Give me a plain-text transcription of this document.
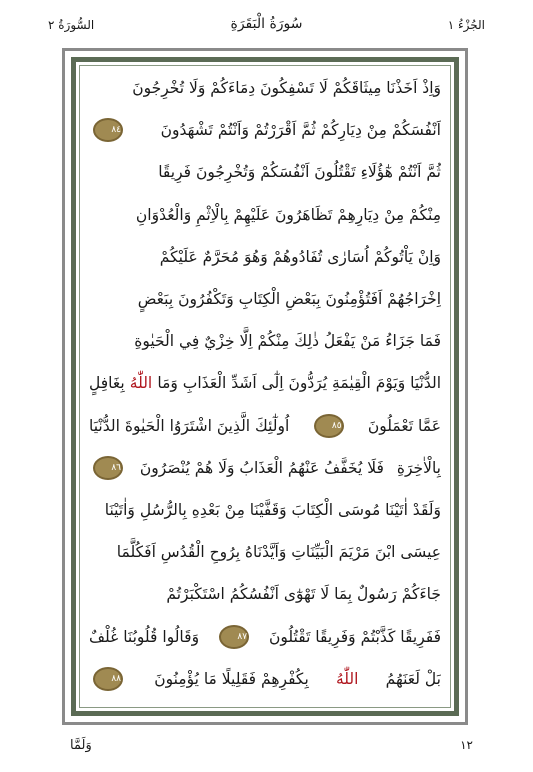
الجُزْءُ ١
سُورَةُ الْبَقَرَةِ
السُّورَةُ ٢
وَاِذْ اَخَذْنَا مِيثَاقَكُمْ لَا تَسْفِكُونَ دِمَاءَكُمْ وَلَا تُخْرِجُونَ
اَنْفُسَكُمْ مِنْ دِيَارِكُمْ ثُمَّ اَقْرَرْتُمْ وَاَنْتُمْ تَشْهَدُونَ
٨٤
ثُمَّ اَنْتُمْ هٰٓؤُلَاءِ تَقْتُلُونَ اَنْفُسَكُمْ وَتُخْرِجُونَ فَرِيقًا
مِنْكُمْ مِنْ دِيَارِهِمْ تَظَاهَرُونَ عَلَيْهِمْ بِالْاِثْمِ وَالْعُدْوَانِ
وَاِنْ يَاْتُوكُمْ اُسَارٰى تُفَادُوهُمْ وَهُوَ مُحَرَّمٌ عَلَيْكُمْ
اِخْرَاجُهُمْ اَفَتُؤْمِنُونَ بِبَعْضِ الْكِتَابِ وَتَكْفُرُونَ بِبَعْضٍ
فَمَا جَزَاءُ مَنْ يَفْعَلُ ذٰلِكَ مِنْكُمْ اِلَّا خِزْيٌ فِي الْحَيٰوةِ
الدُّنْيَا وَيَوْمَ الْقِيٰمَةِ يُرَدُّونَ اِلٰٓى اَشَدِّ الْعَذَابِ وَمَا
اللّٰهُ
بِغَافِلٍ
عَمَّا تَعْمَلُونَ
٨٥
اُولٰٓئِكَ الَّذِينَ اشْتَرَوُا الْحَيٰوةَ الدُّنْيَا
بِالْاٰخِرَةِ
فَلَا يُخَفَّفُ عَنْهُمُ الْعَذَابُ وَلَا هُمْ يُنْصَرُونَ
٨٦
وَلَقَدْ اٰتَيْنَا مُوسَى الْكِتَابَ وَقَفَّيْنَا مِنْ بَعْدِهِ بِالرُّسُلِ وَاٰتَيْنَا
عِيسَى ابْنَ مَرْيَمَ الْبَيِّنَاتِ وَاَيَّدْنَاهُ بِرُوحِ الْقُدُسِ اَفَكُلَّمَا
جَاءَكُمْ رَسُولٌ بِمَا لَا تَهْوٰٓى اَنْفُسُكُمُ اسْتَكْبَرْتُمْ
فَفَرِيقًا كَذَّبْتُمْ وَفَرِيقًا تَقْتُلُونَ
٨٧
وَقَالُوا قُلُوبُنَا غُلْفٌ
بَلْ لَعَنَهُمُ
اللّٰهُ
بِكُفْرِهِمْ فَقَلِيلًا مَا يُؤْمِنُونَ
٨٨
١٢
وَلَمَّا
